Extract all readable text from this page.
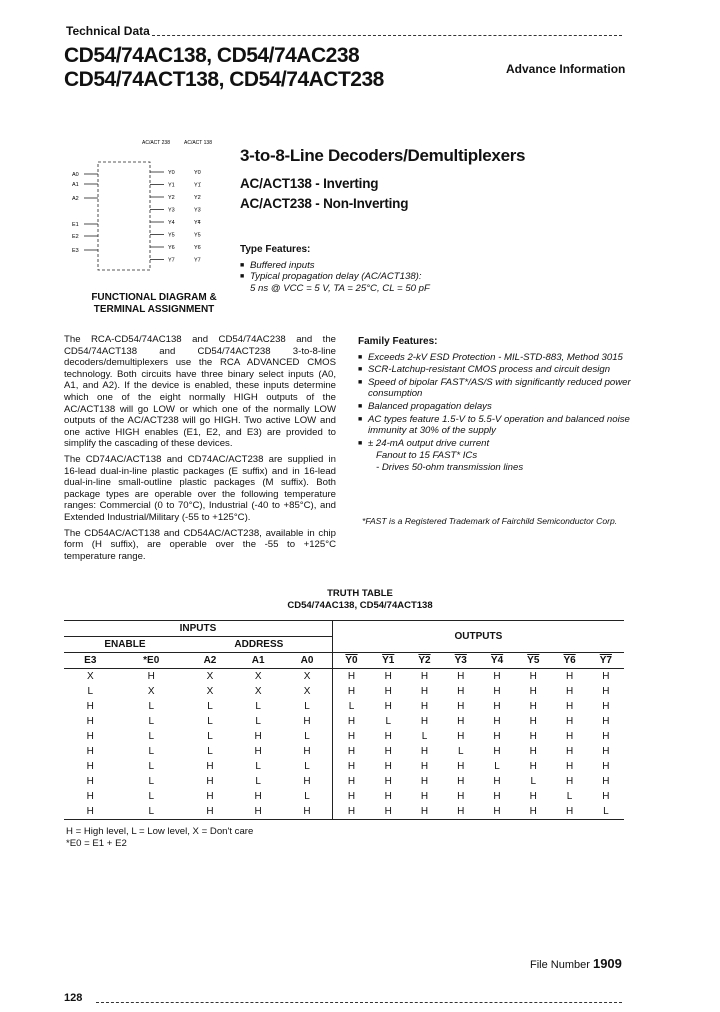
Technical Data
CD54/74AC138, CD54/74AC238
CD54/74ACT138, CD54/74ACT238	Advance Information
AC/ACT 238	AC/ACT 138
A0
A1
A2
E1
E2
E3
Y0	Y0
Y1	Y1
Y2	Y2
Y3	Y3
Y4	Y4
Y5	Y5
Y6	Y6
Y7	Y7
FUNCTIONAL DIAGRAM &
TERMINAL ASSIGNMENT
3-to-8-Line Decoders/Demultiplexers
AC/ACT138 - Inverting
AC/ACT238 - Non-Inverting
Type Features:
■ Buffered inputs
■ Typical propagation delay (AC/ACT138):
5 ns @ VCC = 5 V, TA = 25°C, CL = 50 pF

The RCA-CD54/74AC138 and CD54/74AC238 and the CD54/74ACT138 and CD54/74ACT238 3-to-8-line decoders/demultiplexers use the RCA ADVANCED CMOS technology. Both circuits have three binary select inputs (A0, A1, and A2). If the device is enabled, these inputs determine which one of the eight normally HIGH outputs of the AC/ACT138 will go LOW or which one of the normally LOW outputs of the AC/ACT238 will go HIGH. Two active LOW and one active HIGH enables (E1, E2, and E3) are provided to simplify the cascading of these devices.

The CD74AC/ACT138 and CD74AC/ACT238 are supplied in 16-lead dual-in-line plastic packages (E suffix) and in 16-lead dual-in-line small-outline plastic packages (M suffix). Both package types are operable over the following temperature ranges: Commercial (0 to 70°C), Industrial (-40 to +85°C), and Extended Industrial/Military (-55 to +125°C).

The CD54AC/ACT138 and CD54AC/ACT238, available in chip form (H suffix), are operable over the -55 to +125°C temperature range.

Family Features:
■ Exceeds 2-kV ESD Protection - MIL-STD-883, Method 3015
■ SCR-Latchup-resistant CMOS process and circuit design
■ Speed of bipolar FAST*/AS/S with significantly reduced power consumption
■ Balanced propagation delays
■ AC types feature 1.5-V to 5.5-V operation and balanced noise immunity at 30% of the supply
■ ± 24-mA output drive current
Fanout to 15 FAST* ICs
- Drives 50-ohm transmission lines
*FAST is a Registered Trademark of Fairchild Semiconductor Corp.
TRUTH TABLE
CD54/74AC138, CD54/74ACT138
INPUTS					OUTPUTS							
ENABLE		ADDRESS										
E3	*E0	A2	A1	A0	Y0	Y1	Y2	Y3	Y4	Y5	Y6	Y7
X	H	X	X	X	H	H	H	H	H	H	H	H
L	X	X	X	X	H	H	H	H	H	H	H	H
H	L	L	L	L	L	H	H	H	H	H	H	H
H	L	L	L	H	H	L	H	H	H	H	H	H
H	L	L	H	L	H	H	L	H	H	H	H	H
H	L	L	H	H	H	H	H	L	H	H	H	H
H	L	H	L	L	H	H	H	H	L	H	H	H
H	L	H	L	H	H	H	H	H	H	L	H	H
H	L	H	H	L	H	H	H	H	H	H	L	H
H	L	H	H	H	H	H	H	H	H	H	H	L
H = High level, L = Low level, X = Don't care
*E0 = E1 + E2
File Number 1909
128
